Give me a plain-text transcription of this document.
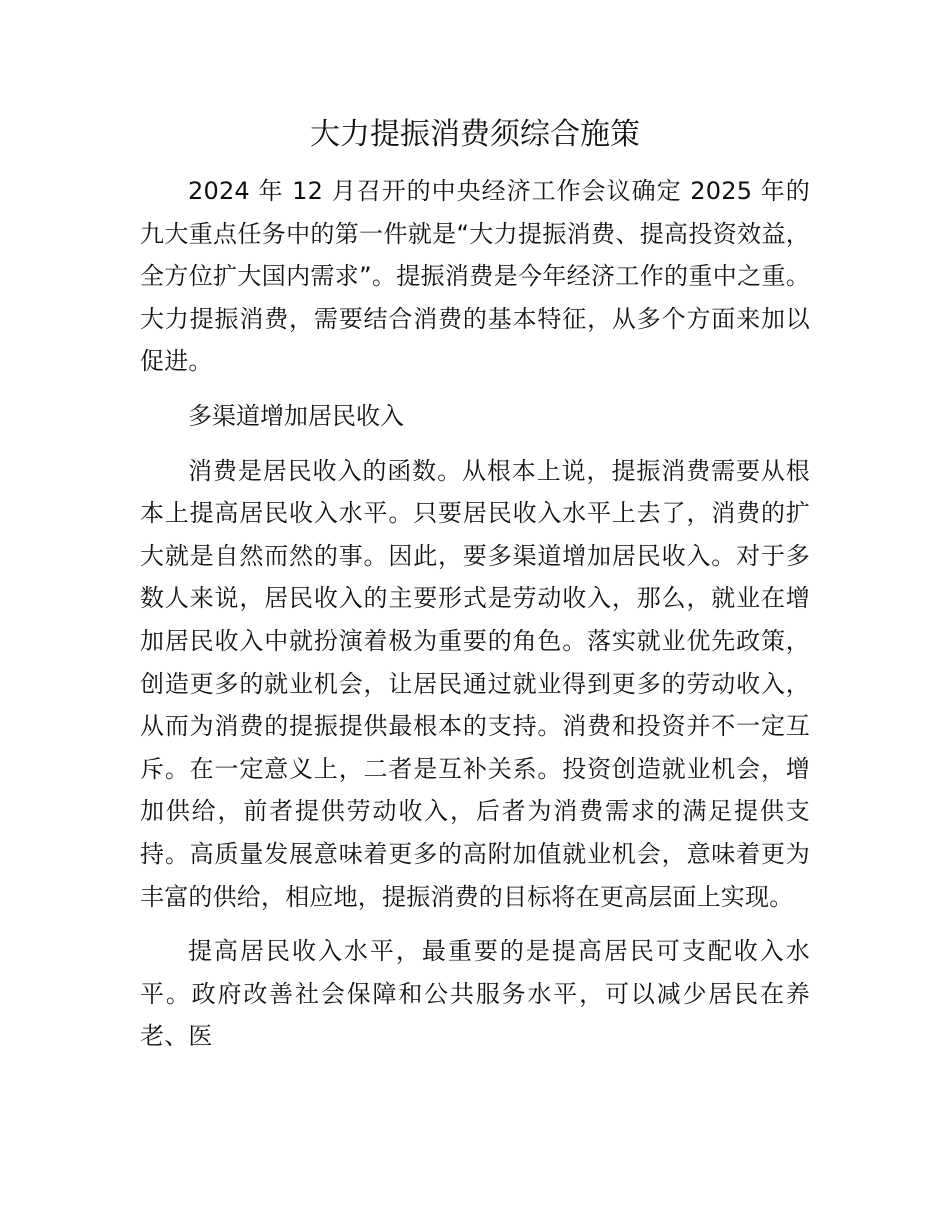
大力提振消费须综合施策

2024 年 12 月召开的中央经济工作会议确定 2025 年的九大重点任务中的第一件就是“大力提振消费、提高投资效益，全方位扩大国内需求”。提振消费是今年经济工作的重中之重。大力提振消费，需要结合消费的基本特征，从多个方面来加以促进。

多渠道增加居民收入

消费是居民收入的函数。从根本上说，提振消费需要从根本上提高居民收入水平。只要居民收入水平上去了，消费的扩大就是自然而然的事。因此，要多渠道增加居民收入。对于多数人来说，居民收入的主要形式是劳动收入，那么，就业在增加居民收入中就扮演着极为重要的角色。落实就业优先政策，创造更多的就业机会，让居民通过就业得到更多的劳动收入，从而为消费的提振提供最根本的支持。消费和投资并不一定互斥。在一定意义上，二者是互补关系。投资创造就业机会，增加供给，前者提供劳动收入，后者为消费需求的满足提供支持。高质量发展意味着更多的高附加值就业机会，意味着更为丰富的供给，相应地，提振消费的目标将在更高层面上实现。

提高居民收入水平，最重要的是提高居民可支配收入水平。政府改善社会保障和公共服务水平，可以减少居民在养老、医
